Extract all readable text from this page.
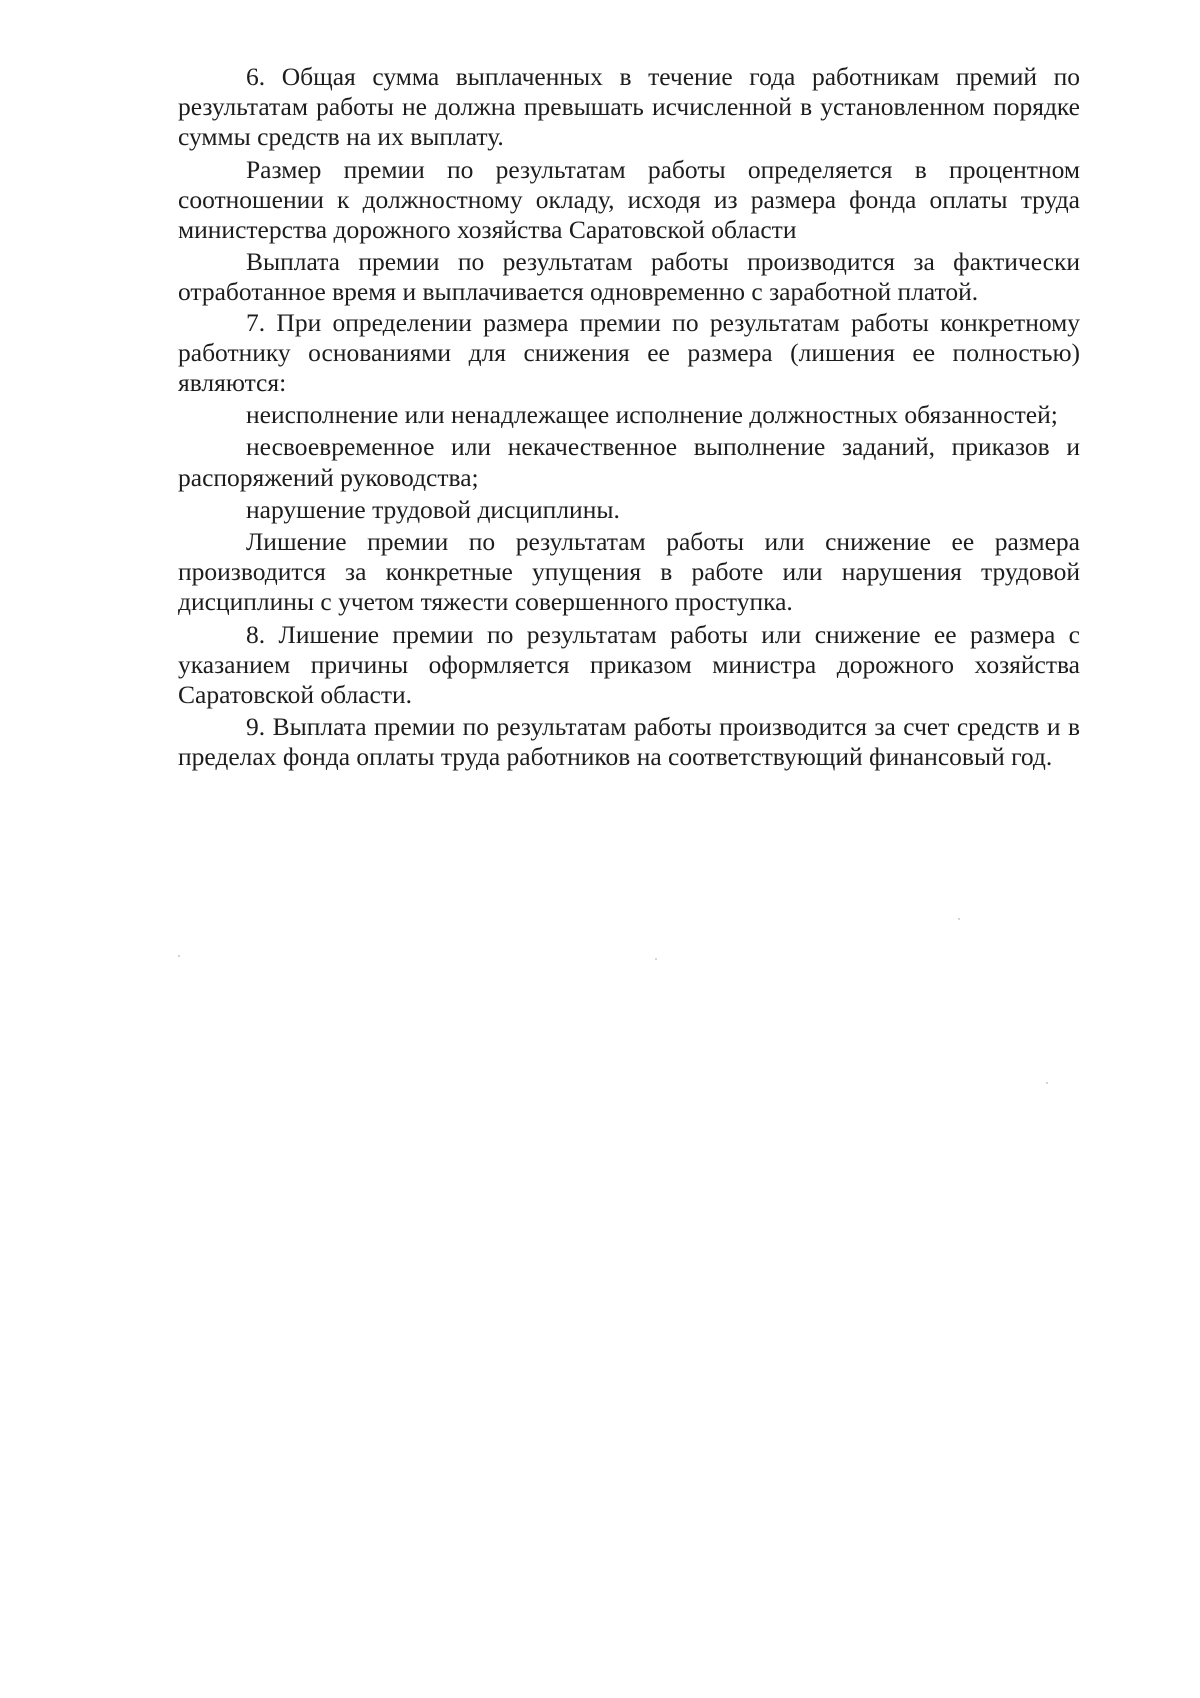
6. Общая сумма выплаченных в течение года работникам премий по результатам работы не должна превышать исчисленной в установленном порядке суммы средств на их выплату.

Размер премии по результатам работы определяется в процентном соотношении к должностному окладу, исходя из размера фонда оплаты труда министерства дорожного хозяйства Саратовской области

Выплата премии по результатам работы производится за фактически отработанное время и выплачивается одновременно с заработной платой.

7. При определении размера премии по результатам работы конкретному работнику основаниями для снижения ее размера (лишения ее полностью) являются:

неисполнение или ненадлежащее исполнение должностных обязанностей;

несвоевременное или некачественное выполнение заданий, приказов и распоряжений руководства;

нарушение трудовой дисциплины.

Лишение премии по результатам работы или снижение ее размера производится за конкретные упущения в работе или нарушения трудовой дисциплины с учетом тяжести совершенного проступка.

8. Лишение премии по результатам работы или снижение ее размера с указанием причины оформляется приказом министра дорожного хозяйства Саратовской области.

9. Выплата премии по результатам работы производится за счет средств и в пределах фонда оплаты труда работников на соответствующий финансовый год.
